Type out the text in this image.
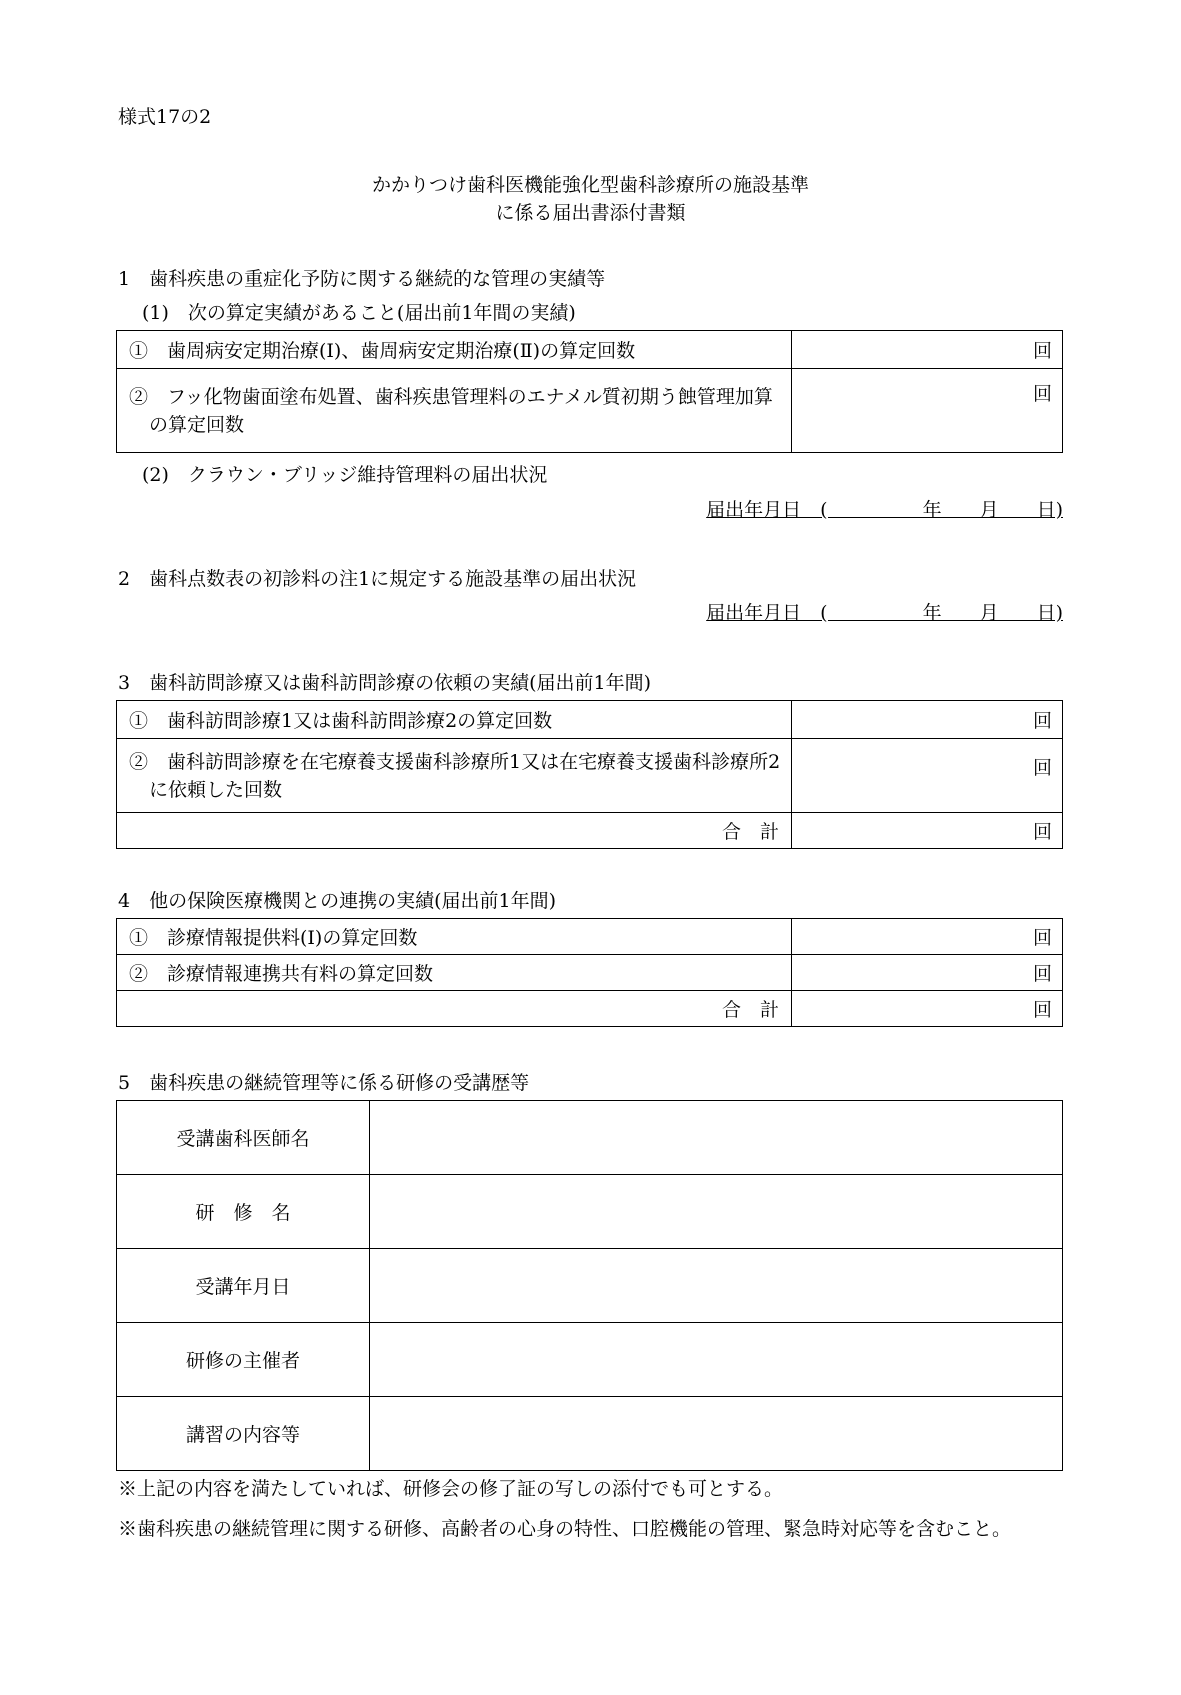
様式17の2
かかりつけ歯科医機能強化型歯科診療所の施設基準
に係る届出書添付書類
1　歯科疾患の重症化予防に関する継続的な管理の実績等
(1)　次の算定実績があること(届出前1年間の実績)
①　歯周病安定期治療(Ⅰ)、歯周病安定期治療(Ⅱ)の算定回数	回
②　フッ化物歯面塗布処置、歯科疾患管理料のエナメル質初期う蝕管理加算の算定回数	回
(2)　クラウン・ブリッジ維持管理料の届出状況
届出年月日　(　　　　　年　　月　　日)
2　歯科点数表の初診料の注1に規定する施設基準の届出状況
届出年月日　(　　　　　年　　月　　日)
3　歯科訪問診療又は歯科訪問診療の依頼の実績(届出前1年間)
①　歯科訪問診療1又は歯科訪問診療2の算定回数	回
②　歯科訪問診療を在宅療養支援歯科診療所1又は在宅療養支援歯科診療所2に依頼した回数	回
合　計	回
4　他の保険医療機関との連携の実績(届出前1年間)
①　診療情報提供料(Ⅰ)の算定回数	回
②　診療情報連携共有料の算定回数	回
合　計	回
5　歯科疾患の継続管理等に係る研修の受講歴等
受講歯科医師名	
研　修　名	
受講年月日	
研修の主催者	
講習の内容等	
※上記の内容を満たしていれば、研修会の修了証の写しの添付でも可とする。
※歯科疾患の継続管理に関する研修、高齢者の心身の特性、口腔機能の管理、緊急時対応等を含むこと。
